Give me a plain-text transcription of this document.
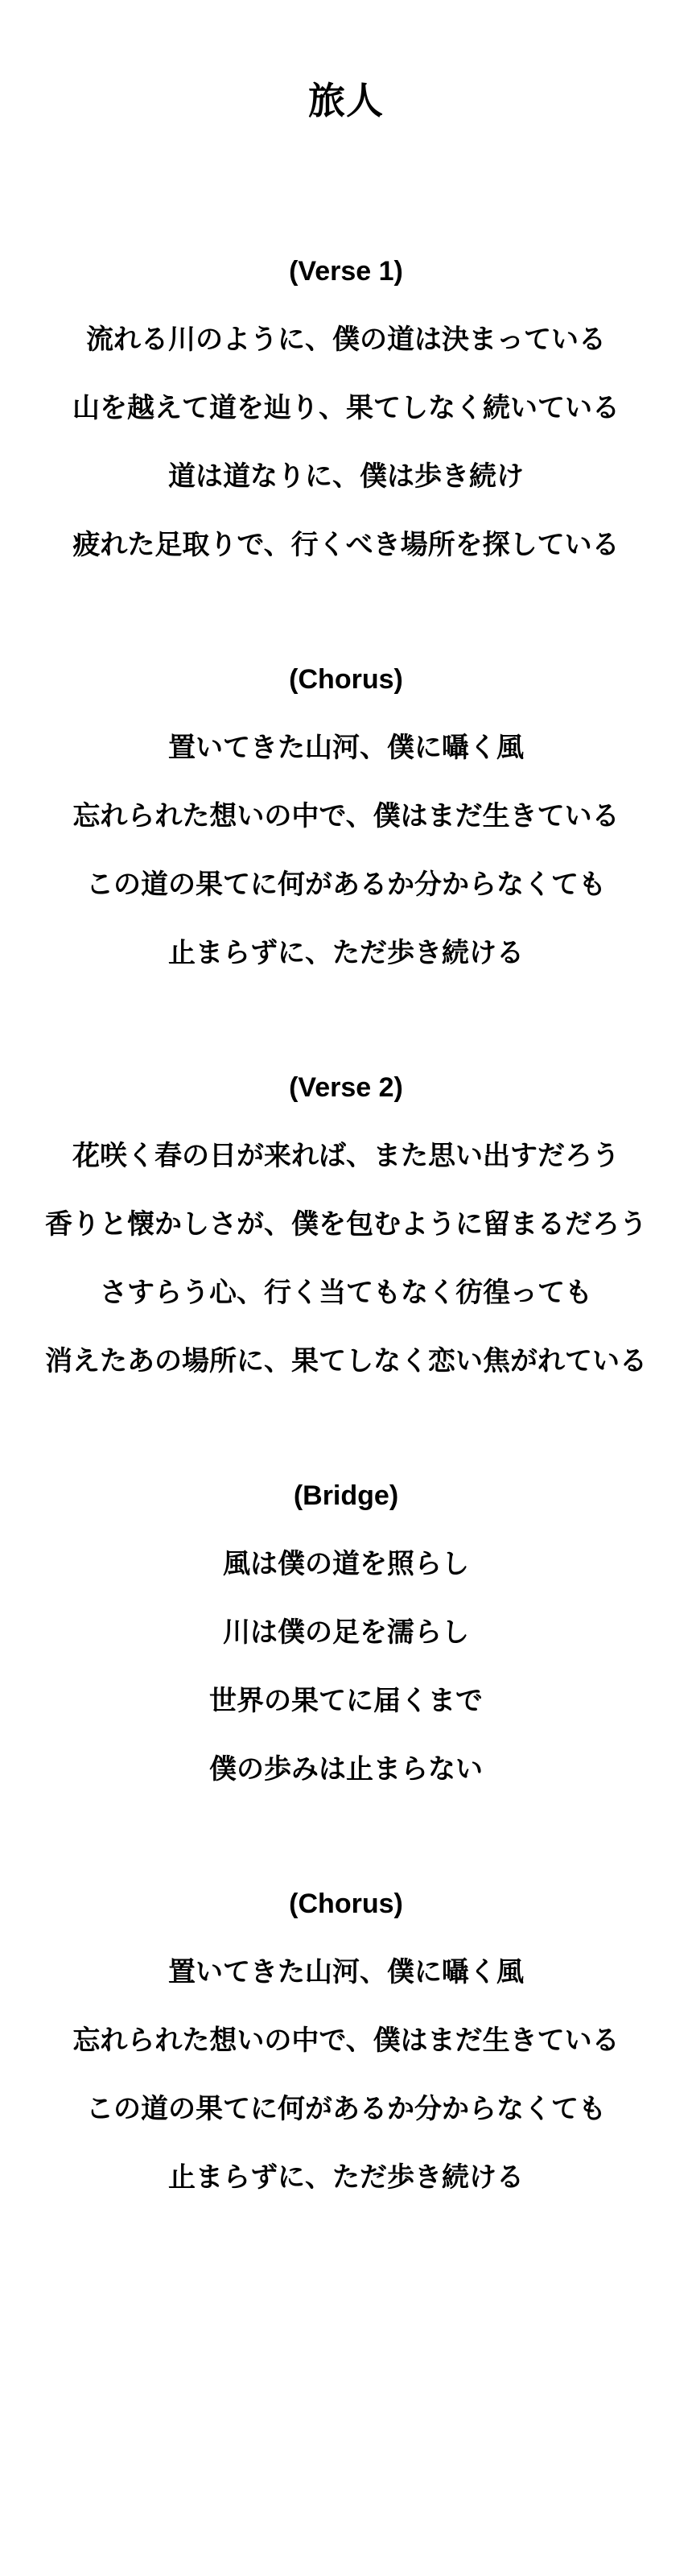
旅人
(Verse 1)
流れる川のように、僕の道は決まっている
山を越えて道を辿り、果てしなく続いている
道は道なりに、僕は歩き続け
疲れた足取りで、行くべき場所を探している
(Chorus)
置いてきた山河、僕に囁く風
忘れられた想いの中で、僕はまだ生きている
この道の果てに何があるか分からなくても
止まらずに、ただ歩き続ける
(Verse 2)
花咲く春の日が来れば、また思い出すだろう
香りと懐かしさが、僕を包むように留まるだろう
さすらう心、行く当てもなく彷徨っても
消えたあの場所に、果てしなく恋い焦がれている
(Bridge)
風は僕の道を照らし
川は僕の足を濡らし
世界の果てに届くまで
僕の歩みは止まらない
(Chorus)
置いてきた山河、僕に囁く風
忘れられた想いの中で、僕はまだ生きている
この道の果てに何があるか分からなくても
止まらずに、ただ歩き続ける
